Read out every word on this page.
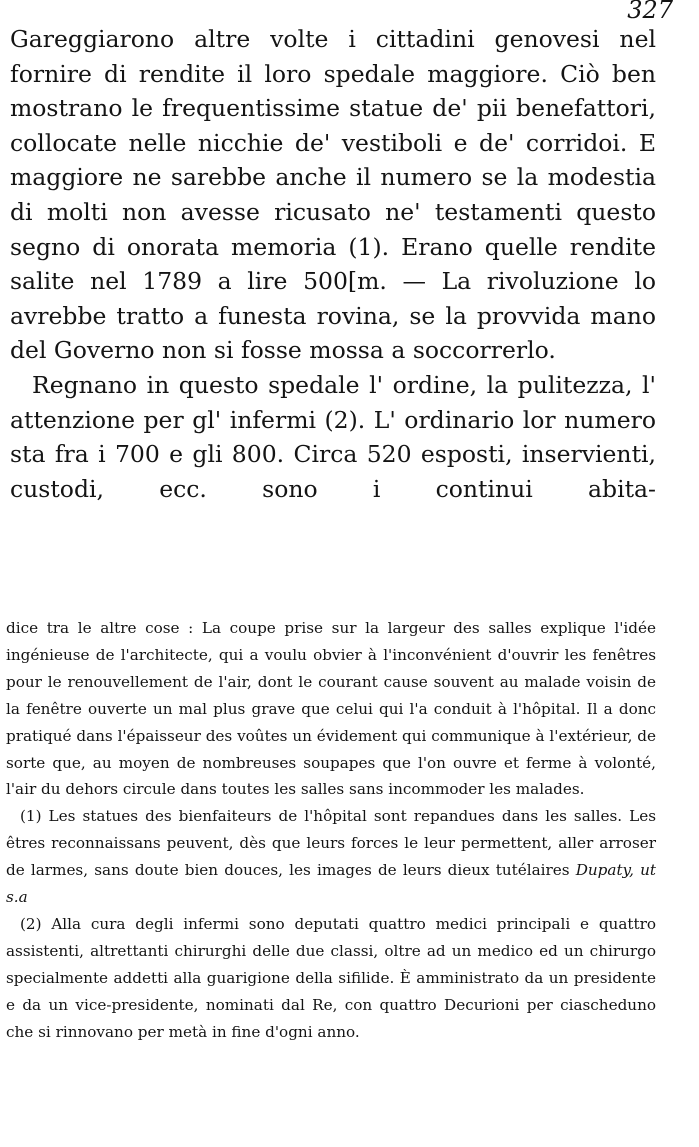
327

Gareggiarono altre volte i cittadini genovesi nel fornire di rendite il loro spedale maggiore. Ciò ben mostrano le frequentissime statue de' pii benefattori, collocate nelle nicchie de' vestiboli e de' corridoi. E maggiore ne sarebbe anche il numero se la modestia di molti non avesse ricusato ne' testamenti questo segno di onorata memoria (1). Erano quelle rendite salite nel 1789 a lire 500[m. — La rivoluzione lo avrebbe tratto a funesta rovina, se la provvida mano del Governo non si fosse mossa a soccorrerlo.

Regnano in questo spedale l' ordine, la pulitezza, l' attenzione per gl' infermi (2). L' ordinario lor numero sta fra i 700 e gli 800. Circa 520 esposti, inservienti, custodi, ecc. sono i continui abita-

dice tra le altre cose : La coupe prise sur la largeur des salles explique l'idée ingénieuse de l'architecte, qui a voulu obvier à l'inconvénient d'ouvrir les fenêtres pour le renouvellement de l'air, dont le courant cause souvent au malade voisin de la fenêtre ouverte un mal plus grave que celui qui l'a conduit à l'hôpital. Il a donc pratiqué dans l'épaisseur des voûtes un évidement qui communique à l'extérieur, de sorte que, au moyen de nombreuses soupapes que l'on ouvre et ferme à volonté, l'air du dehors circule dans toutes les salles sans incommoder les malades.

(1) Les statues des bienfaiteurs de l'hôpital sont repandues dans les salles. Les êtres reconnaissans peuvent, dès que leurs forces le leur permettent, aller arroser de larmes, sans doute bien douces, les images de leurs dieux tutélaires Dupaty, ut s.a

(2) Alla cura degli infermi sono deputati quattro medici principali e quattro assistenti, altrettanti chirurghi delle due classi, oltre ad un medico ed un chirurgo specialmente addetti alla guarigione della sifilide. È amministrato da un presidente e da un vice-presidente, nominati dal Re, con quattro Decurioni per ciascheduno che si rinnovano per metà in fine d'ogni anno.
